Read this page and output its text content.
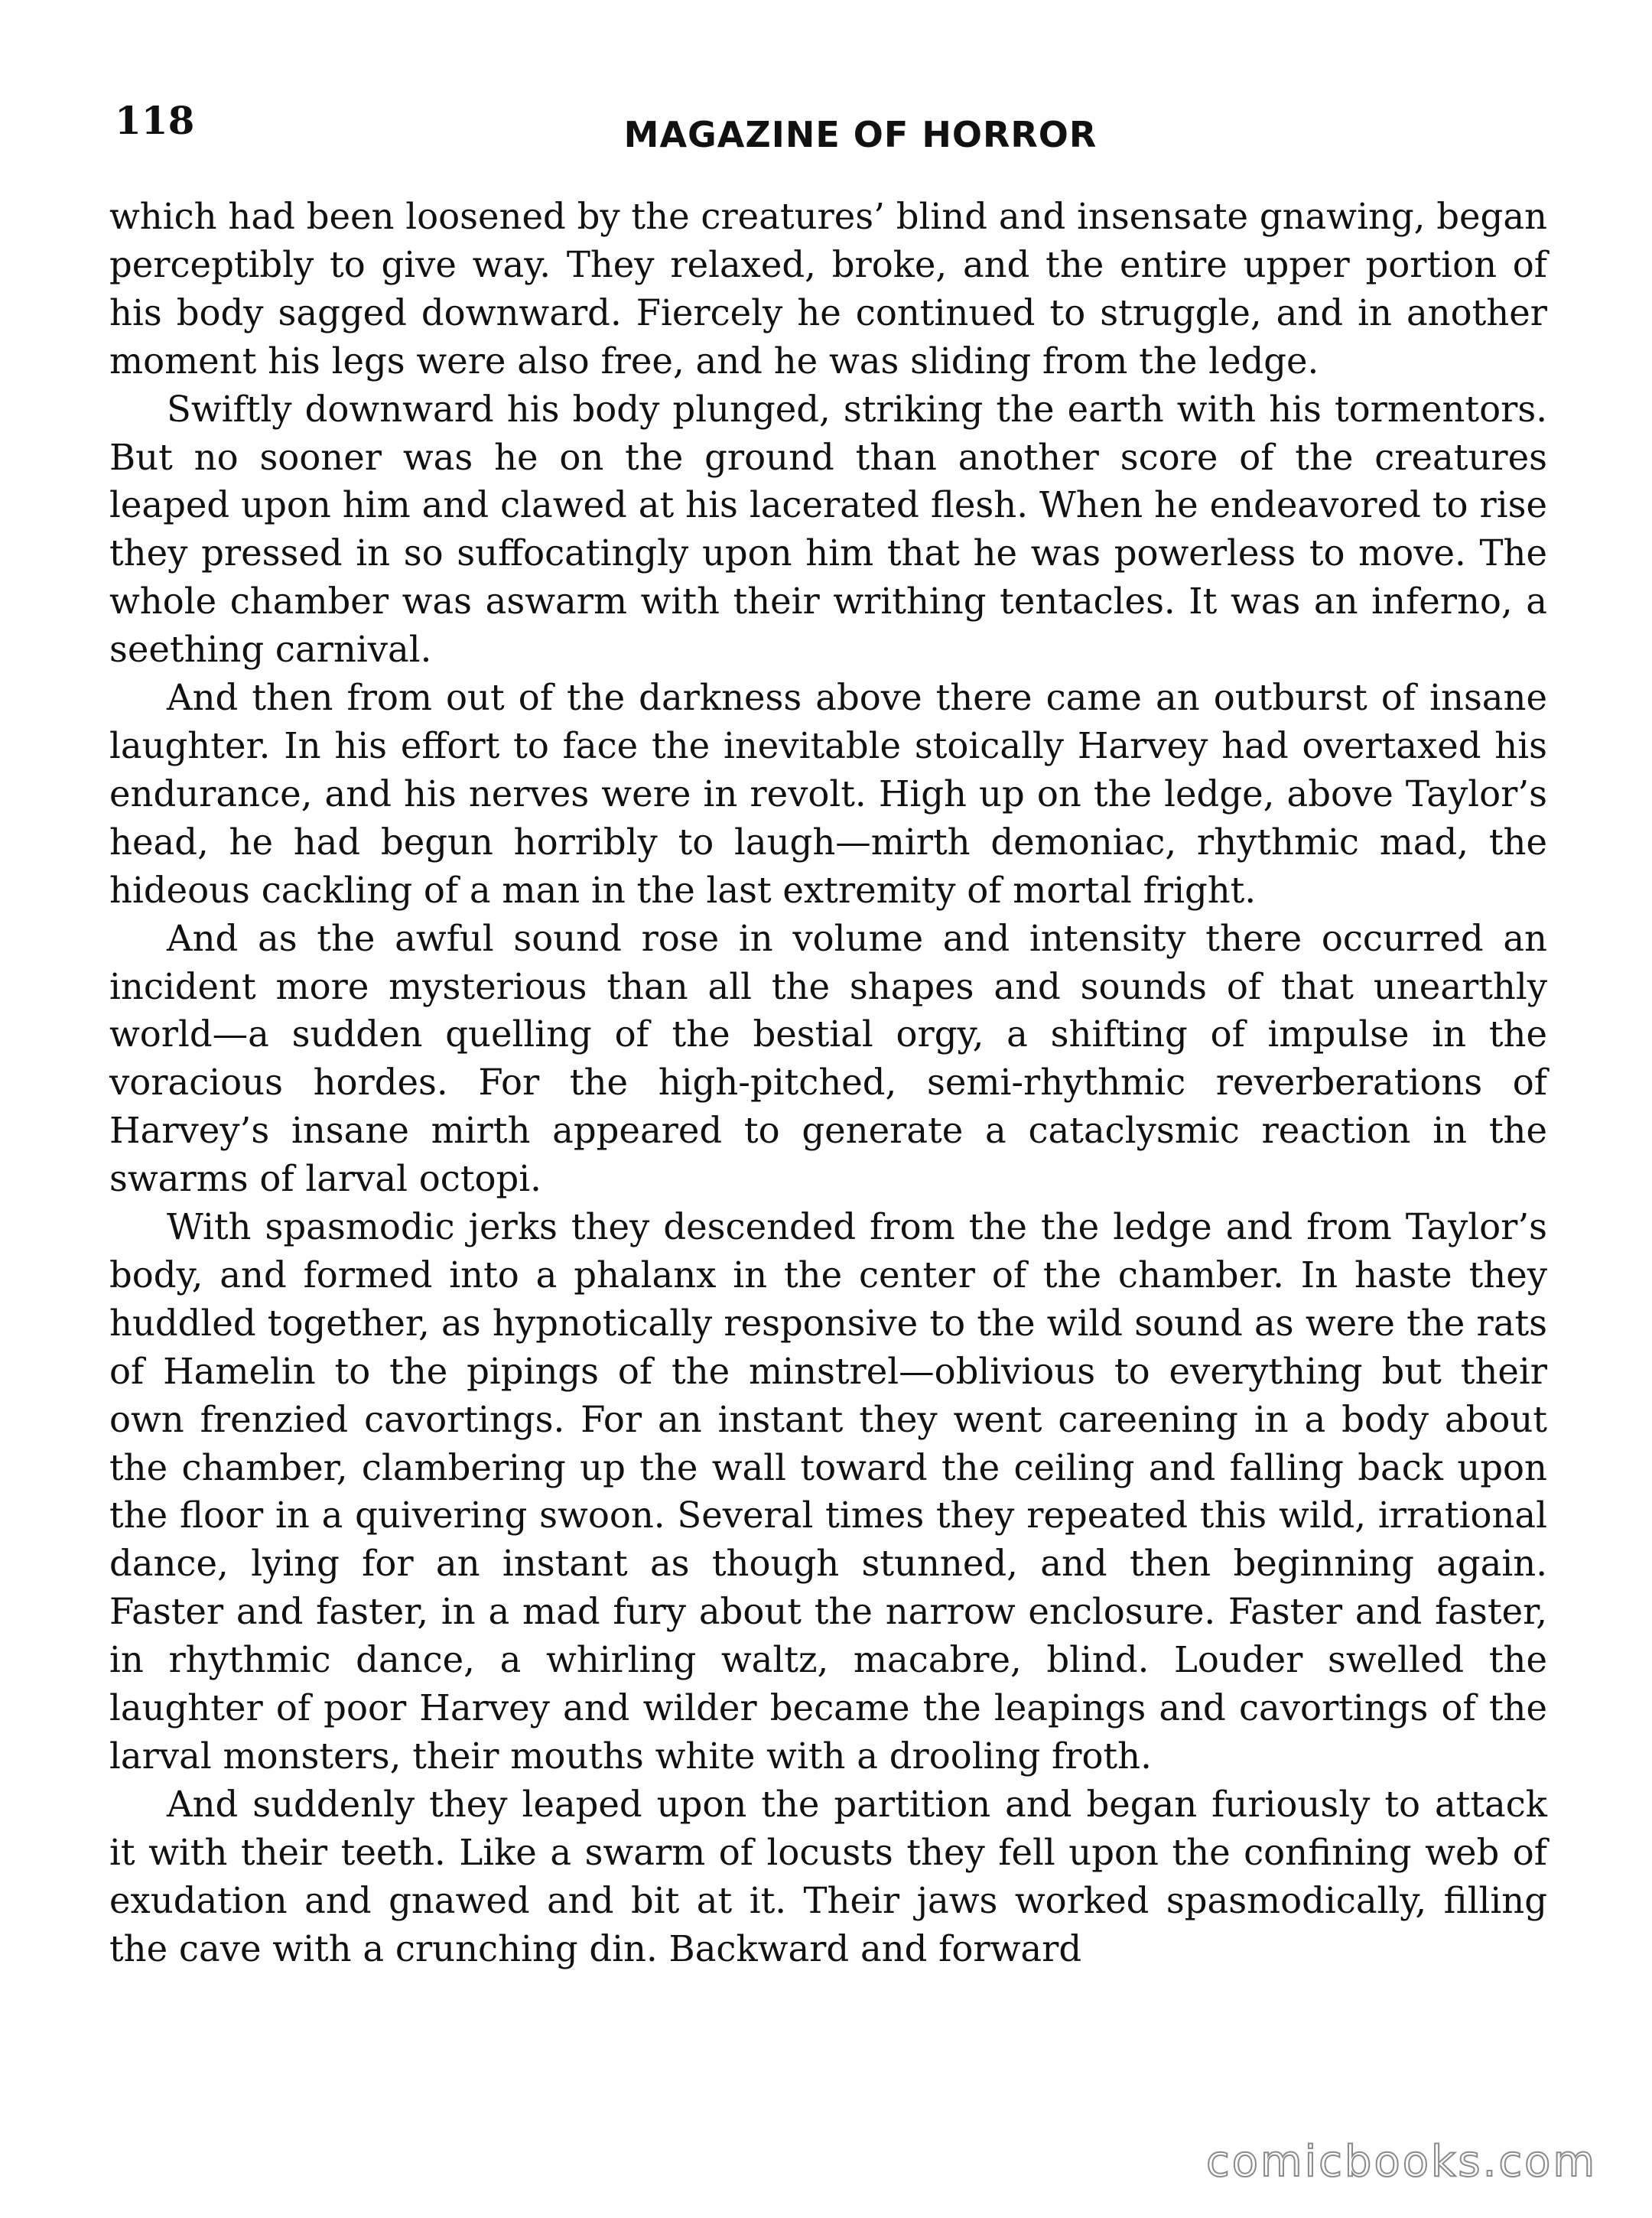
118	MAGAZINE OF HORROR

which had been loosened by the creatures’ blind and insensate gnawing, began perceptibly to give way. They relaxed, broke, and the entire upper portion of his body sagged downward. Fiercely he continued to struggle, and in another moment his legs were also free, and he was sliding from the ledge.

Swiftly downward his body plunged, striking the earth with his tormentors. But no sooner was he on the ground than another score of the creatures leaped upon him and clawed at his lacerated flesh. When he endeavored to rise they pressed in so suffocatingly upon him that he was powerless to move. The whole chamber was aswarm with their writhing tentacles. It was an inferno, a seething carnival.

And then from out of the darkness above there came an outburst of insane laughter. In his effort to face the inevitable stoically Harvey had overtaxed his endurance, and his nerves were in revolt. High up on the ledge, above Taylor’s head, he had begun horribly to laugh—mirth demoniac, rhythmic mad, the hideous cackling of a man in the last extremity of mortal fright.

And as the awful sound rose in volume and intensity there occurred an incident more mysterious than all the shapes and sounds of that unearthly world—a sudden quelling of the bestial orgy, a shifting of impulse in the voracious hordes. For the high-pitched, semi-rhythmic reverberations of Harvey’s insane mirth appeared to generate a cataclysmic reaction in the swarms of larval octopi.

With spasmodic jerks they descended from the the ledge and from Taylor’s body, and formed into a phalanx in the center of the chamber. In haste they huddled together, as hypnotically responsive to the wild sound as were the rats of Hamelin to the pipings of the minstrel—oblivious to everything but their own frenzied cavortings. For an instant they went careening in a body about the chamber, clambering up the wall toward the ceiling and falling back upon the floor in a quivering swoon. Several times they repeated this wild, irrational dance, lying for an instant as though stunned, and then beginning again. Faster and faster, in a mad fury about the narrow enclosure. Faster and faster, in rhythmic dance, a whirling waltz, macabre, blind. Louder swelled the laughter of poor Harvey and wilder became the leapings and cavortings of the larval monsters, their mouths white with a drooling froth.

And suddenly they leaped upon the partition and began furiously to attack it with their teeth. Like a swarm of locusts they fell upon the confining web of exudation and gnawed and bit at it. Their jaws worked spasmodically, filling the cave with a crunching din. Backward and forward

comicbooks.com
